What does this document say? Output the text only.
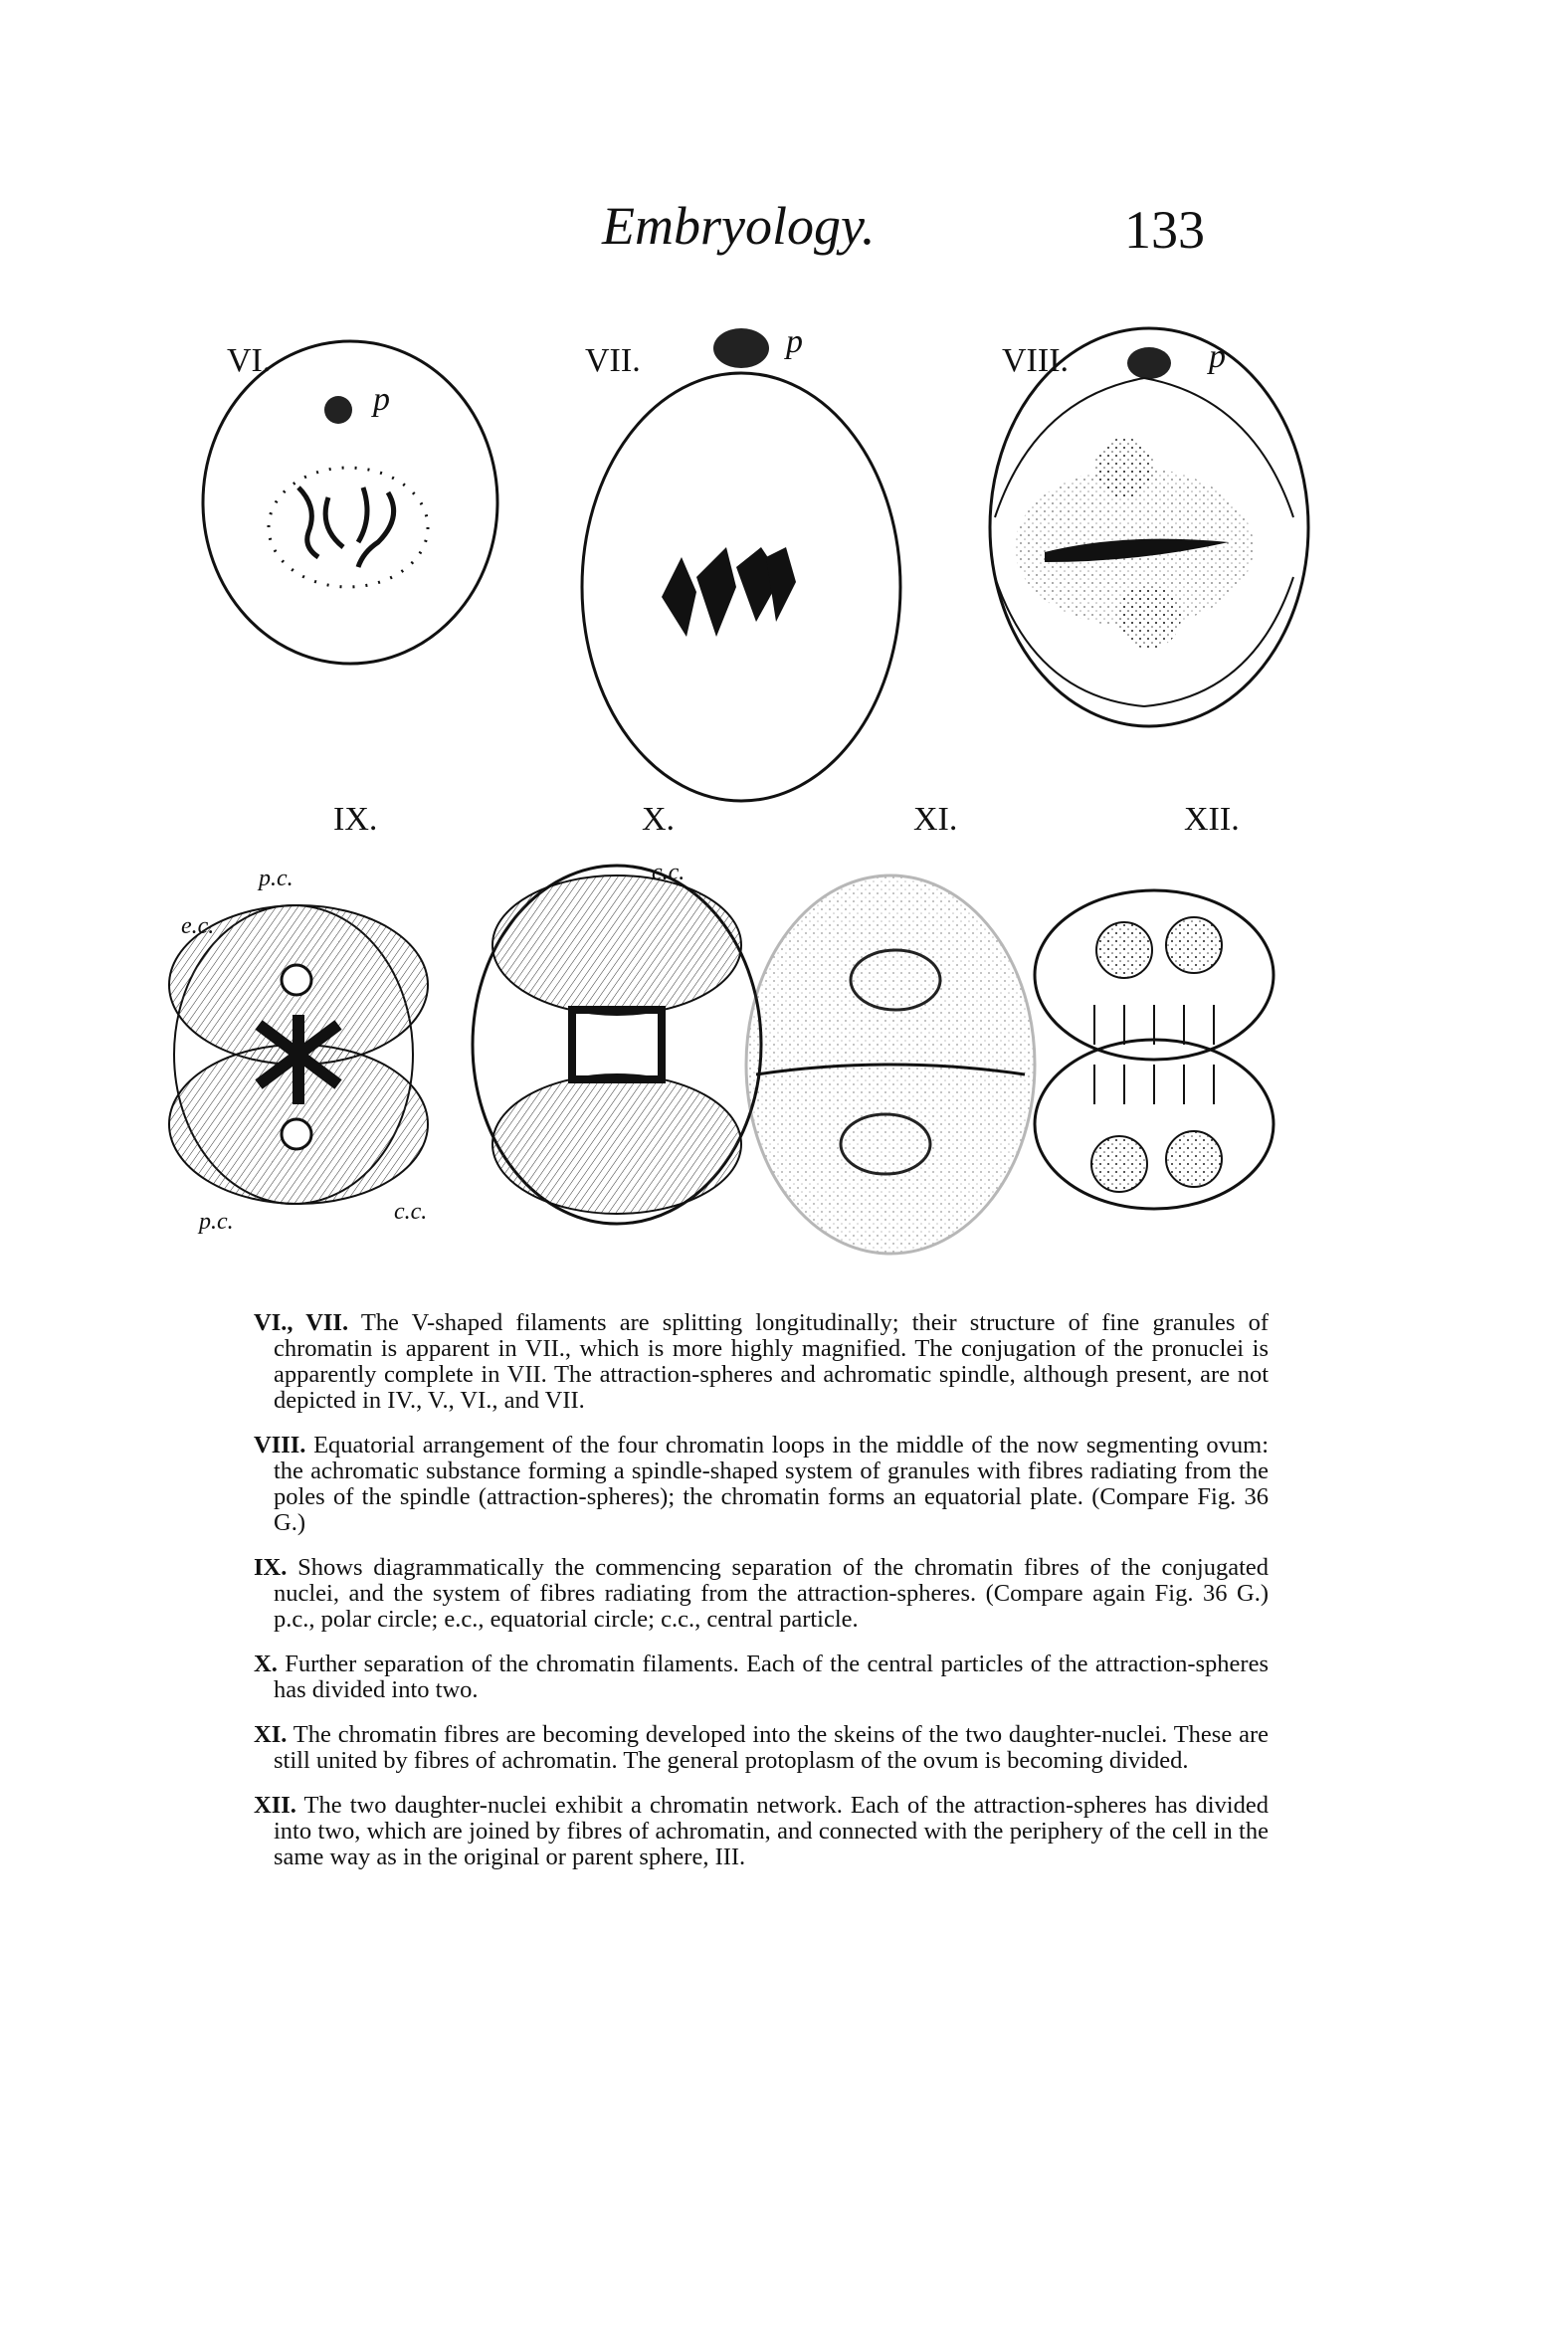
Embryology.	133
VI.
p
VII.
p
VIII.	p
IX.
p.c.
e.c.
p.c.	c.c.
X.
c.c.
XI.	XII.

VI., VII. The V-shaped filaments are splitting longitudinally; their structure of fine granules of chromatin is apparent in VII., which is more highly magnified. The conjugation of the pronuclei is apparently complete in VII. The attraction-spheres and achromatic spindle, although present, are not depicted in IV., V., VI., and VII.

VIII. Equatorial arrangement of the four chromatin loops in the middle of the now segmenting ovum: the achromatic substance forming a spindle-shaped system of granules with fibres radiating from the poles of the spindle (attraction-spheres); the chromatin forms an equatorial plate. (Compare Fig. 36 G.)

IX. Shows diagrammatically the commencing separation of the chromatin fibres of the conjugated nuclei, and the system of fibres radiating from the attraction-spheres. (Compare again Fig. 36 G.) p.c., polar circle; e.c., equatorial circle; c.c., central particle.

X. Further separation of the chromatin filaments. Each of the central particles of the attraction-spheres has divided into two.

XI. The chromatin fibres are becoming developed into the skeins of the two daughter-nuclei. These are still united by fibres of achromatin. The general protoplasm of the ovum is becoming divided.

XII. The two daughter-nuclei exhibit a chromatin network. Each of the attraction-spheres has divided into two, which are joined by fibres of achromatin, and connected with the periphery of the cell in the same way as in the original or parent sphere, III.
